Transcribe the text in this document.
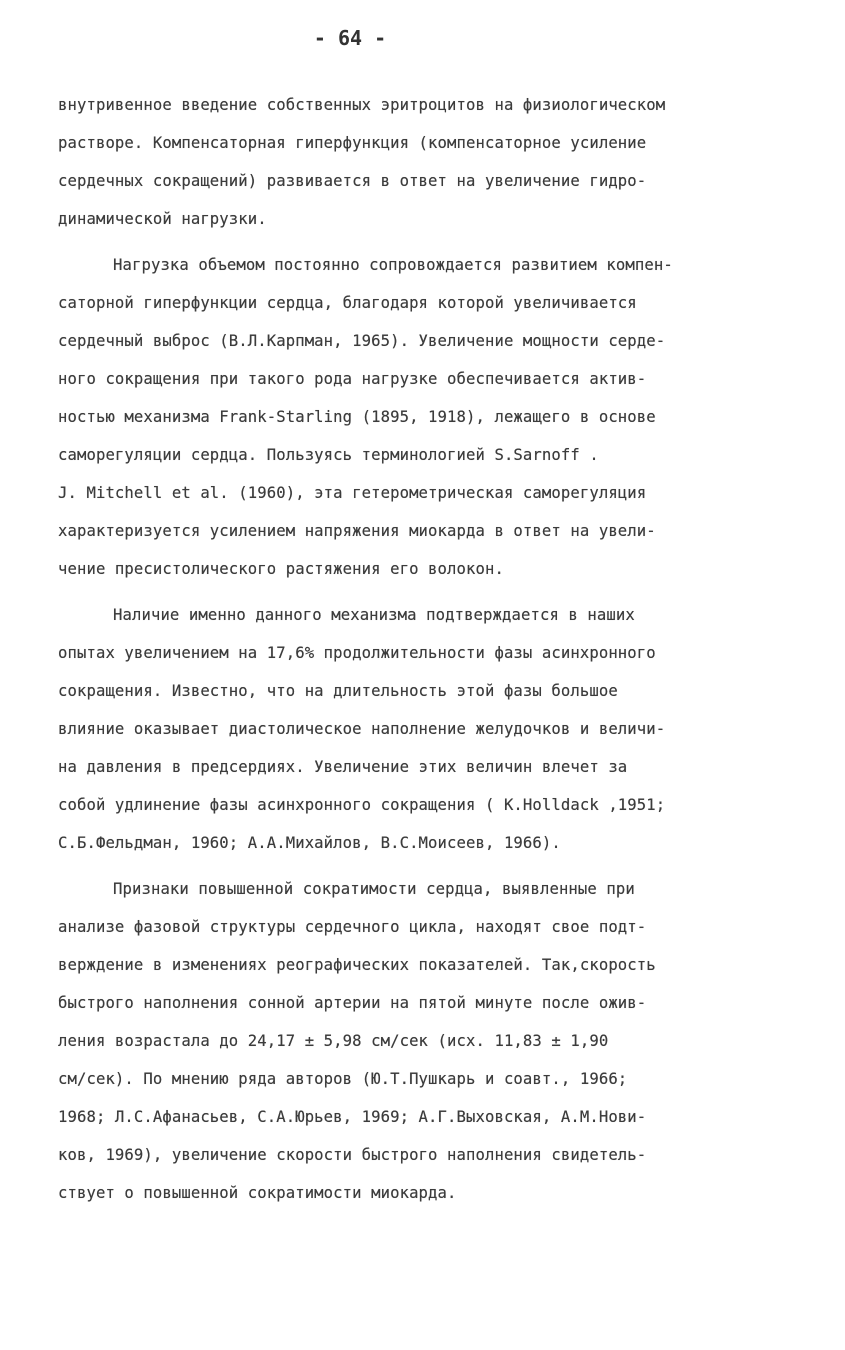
- 64 -
внутривенное введение собственных эритроцитов на физиологическом
растворе. Компенсаторная гиперфункция (компенсаторное усиление
сердечных сокращений) развивается в ответ на увеличение гидро-
динамической нагрузки.
Нагрузка объемом постоянно сопровождается развитием компен-
саторной гиперфункции сердца, благодаря которой увеличивается
сердечный выброс (В.Л.Карпман, 1965). Увеличение мощности серде-
ного сокращения при такого рода нагрузке обеспечивается актив-
ностью механизма Frank-Starling (1895, 1918), лежащего в основе
саморегуляции сердца. Пользуясь терминологией S.Sarnoff .
J. Mitchell et al. (1960), эта гетерометрическая саморегуляция
характеризуется усилением напряжения миокарда в ответ на увели-
чение пресистолического растяжения его волокон.
Наличие именно данного механизма подтверждается в наших
опытах увеличением на 17,6% продолжительности фазы асинхронного
сокращения. Известно, что на длительность этой фазы большое
влияние оказывает диастолическое наполнение желудочков и величи-
на давления в предсердиях. Увеличение этих величин влечет за
собой удлинение фазы асинхронного сокращения ( K.Holldack ,1951;
С.Б.Фельдман, 1960; А.А.Михайлов, В.С.Моисеев, 1966).
Признаки повышенной сократимости сердца, выявленные при
анализе фазовой структуры сердечного цикла, находят свое подт-
верждение в изменениях реографических показателей. Так,скорость
быстрого наполнения сонной артерии на пятой минуте после ожив-
ления возрастала до 24,17 ± 5,98 см/сек (исх. 11,83 ± 1,90
см/сек). По мнению ряда авторов (Ю.Т.Пушкарь и соавт., 1966;
1968; Л.С.Афанасьев, С.А.Юрьев, 1969; А.Г.Выховская, А.М.Нови-
ков, 1969), увеличение скорости быстрого наполнения свидетель-
ствует о повышенной сократимости миокарда.
